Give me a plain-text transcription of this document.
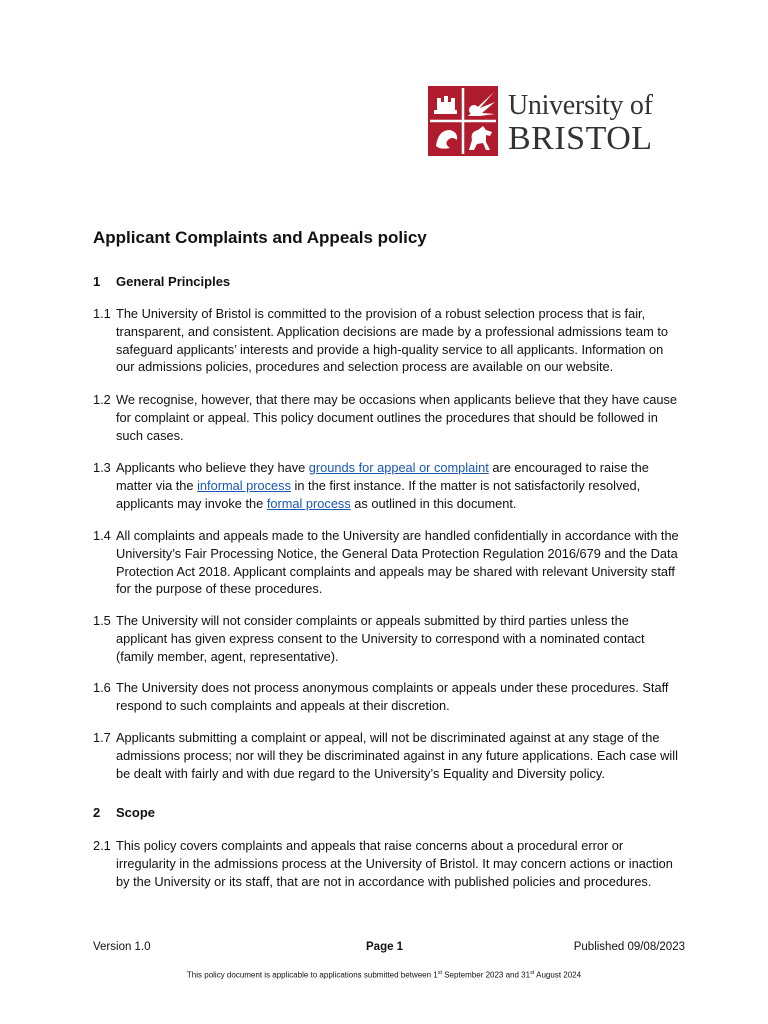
University of
BRISTOL
Applicant Complaints and Appeals policy
1 General Principles
1.1 The University of Bristol is committed to the provision of a robust selection process that is fair, transparent, and consistent. Application decisions are made by a professional admissions team to safeguard applicants’ interests and provide a high-quality service to all applicants. Information on our admissions policies, procedures and selection process are available on our website.
1.2 We recognise, however, that there may be occasions when applicants believe that they have cause for complaint or appeal. This policy document outlines the procedures that should be followed in such cases.
1.3 Applicants who believe they have grounds for appeal or complaint are encouraged to raise the matter via the informal process in the first instance. If the matter is not satisfactorily resolved, applicants may invoke the formal process as outlined in this document.
1.4 All complaints and appeals made to the University are handled confidentially in accordance with the University’s Fair Processing Notice, the General Data Protection Regulation 2016/679 and the Data Protection Act 2018. Applicant complaints and appeals may be shared with relevant University staff for the purpose of these procedures.
1.5 The University will not consider complaints or appeals submitted by third parties unless the applicant has given express consent to the University to correspond with a nominated contact (family member, agent, representative).
1.6 The University does not process anonymous complaints or appeals under these procedures. Staff respond to such complaints and appeals at their discretion.
1.7 Applicants submitting a complaint or appeal, will not be discriminated against at any stage of the admissions process; nor will they be discriminated against in any future applications. Each case will be dealt with fairly and with due regard to the University’s Equality and Diversity policy.
2 Scope
2.1 This policy covers complaints and appeals that raise concerns about a procedural error or irregularity in the admissions process at the University of Bristol. It may concern actions or inaction by the University or its staff, that are not in accordance with published policies and procedures.
Version 1.0	Page 1	Published 09/08/2023
This policy document is applicable to applications submitted between 1st September 2023 and 31st August 2024
